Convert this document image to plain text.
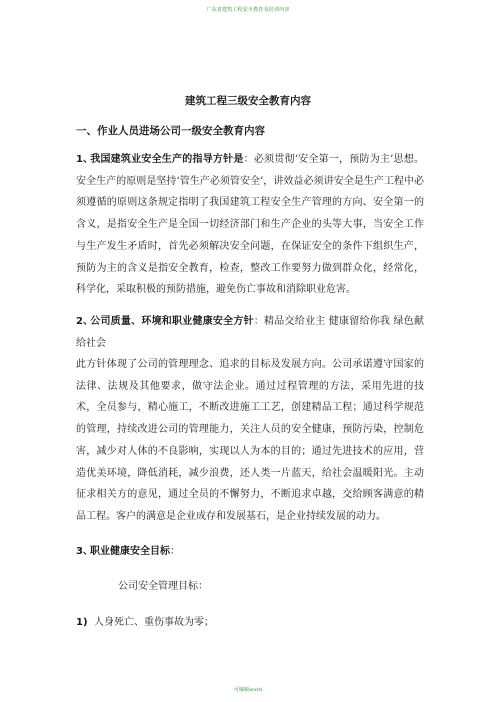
广东省建筑工程安全教育及培训内容
建筑工程三级安全教育内容
一、作业人员进场公司一级安全教育内容
1、我国建筑业安全生产的指导方针是：必须贯彻‘安全第一，预防为主’思想。安全生产的原则是坚持‘管生产必须管安全’，讲效益必须讲安全是生产工程中必须遵循的原则这条规定指明了我国建筑工程安全生产管理的方向、安全第一的含义，是指安全生产是全国一切经济部门和生产企业的头等大事，当安全工作与生产发生矛盾时，首先必须解决安全问题，在保证安全的条件下组织生产，预防为主的含义是指安全教育，检查，整改工作要努力做到群众化，经常化，科学化，采取积极的预防措施，避免伤亡事故和消除职业危害。
2、公司质量、环境和职业健康安全方针：精品交给业主 健康留给你我 绿色献给社会
此方针体现了公司的管理理念、追求的目标及发展方向。公司承诺遵守国家的法律、法规及其他要求，做守法企业。通过过程管理的方法，采用先进的技术，全员参与，精心施工，不断改进施工工艺，创建精品工程；通过科学规范的管理，持续改进公司的管理能力，关注人员的安全健康，预防污染，控制危害，减少对人体的不良影响，实现以人为本的目的；通过先进技术的应用，营造优美环境，降低消耗，减少浪费，还人类一片蓝天，给社会温暖阳光。主动征求相关方的意见，通过全员的不懈努力，不断追求卓越，交给顾客满意的精品工程。客户的满意是企业成存和发展基石，是企业持续发展的动力。
3、职业健康安全目标：
公司安全管理目标：
1) 人身死亡、重伤事故为零；
可编辑word
